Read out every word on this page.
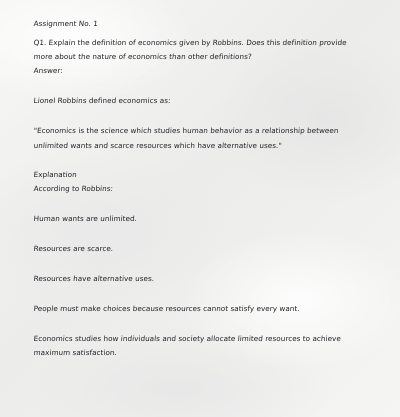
Assignment No. 1

Q1. Explain the definition of economics given by Robbins. Does this definition provide

more about the nature of economics than other definitions?

Answer:

Lionel Robbins defined economics as:

"Economics is the science which studies human behavior as a relationship between

unlimited wants and scarce resources which have alternative uses."

Explanation

According to Robbins:

Human wants are unlimited.

Resources are scarce.

Resources have alternative uses.

People must make choices because resources cannot satisfy every want.

Economics studies how individuals and society allocate limited resources to achieve

maximum satisfaction.
